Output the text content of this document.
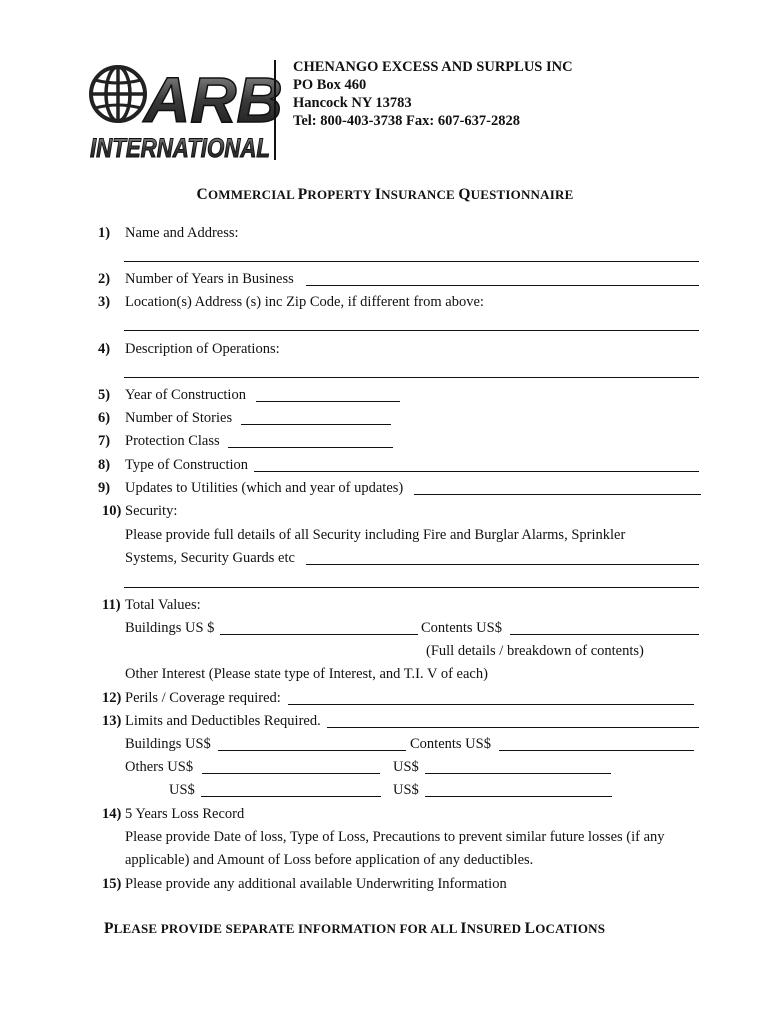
ARB
INTERNATIONAL
CHENANGO EXCESS AND SURPLUS INC
PO Box 460
Hancock NY 13783
Tel: 800-403-3738 Fax: 607-637-2828
COMMERCIAL PROPERTY INSURANCE QUESTIONNAIRE
1) Name and Address:
2) Number of Years in Business
3) Location(s) Address (s) inc Zip Code, if different from above:
4) Description of Operations:
5) Year of Construction
6) Number of Stories
7) Protection Class
8) Type of Construction
9) Updates to Utilities (which and year of updates)
10) Security:
Please provide full details of all Security including Fire and Burglar Alarms, Sprinkler
Systems, Security Guards etc
11) Total Values:
Buildings US $	Contents US$
(Full details / breakdown of contents)
Other Interest (Please state type of Interest, and T.I. V of each)
12) Perils / Coverage required:
13) Limits and Deductibles Required.
Buildings US$	Contents US$
Others US$	US$
US$	US$
14) 5 Years Loss Record
Please provide Date of loss, Type of Loss, Precautions to prevent similar future losses (if any
applicable) and Amount of Loss before application of any deductibles.
15) Please provide any additional available Underwriting Information
PLEASE PROVIDE SEPARATE INFORMATION FOR ALL INSURED LOCATIONS
